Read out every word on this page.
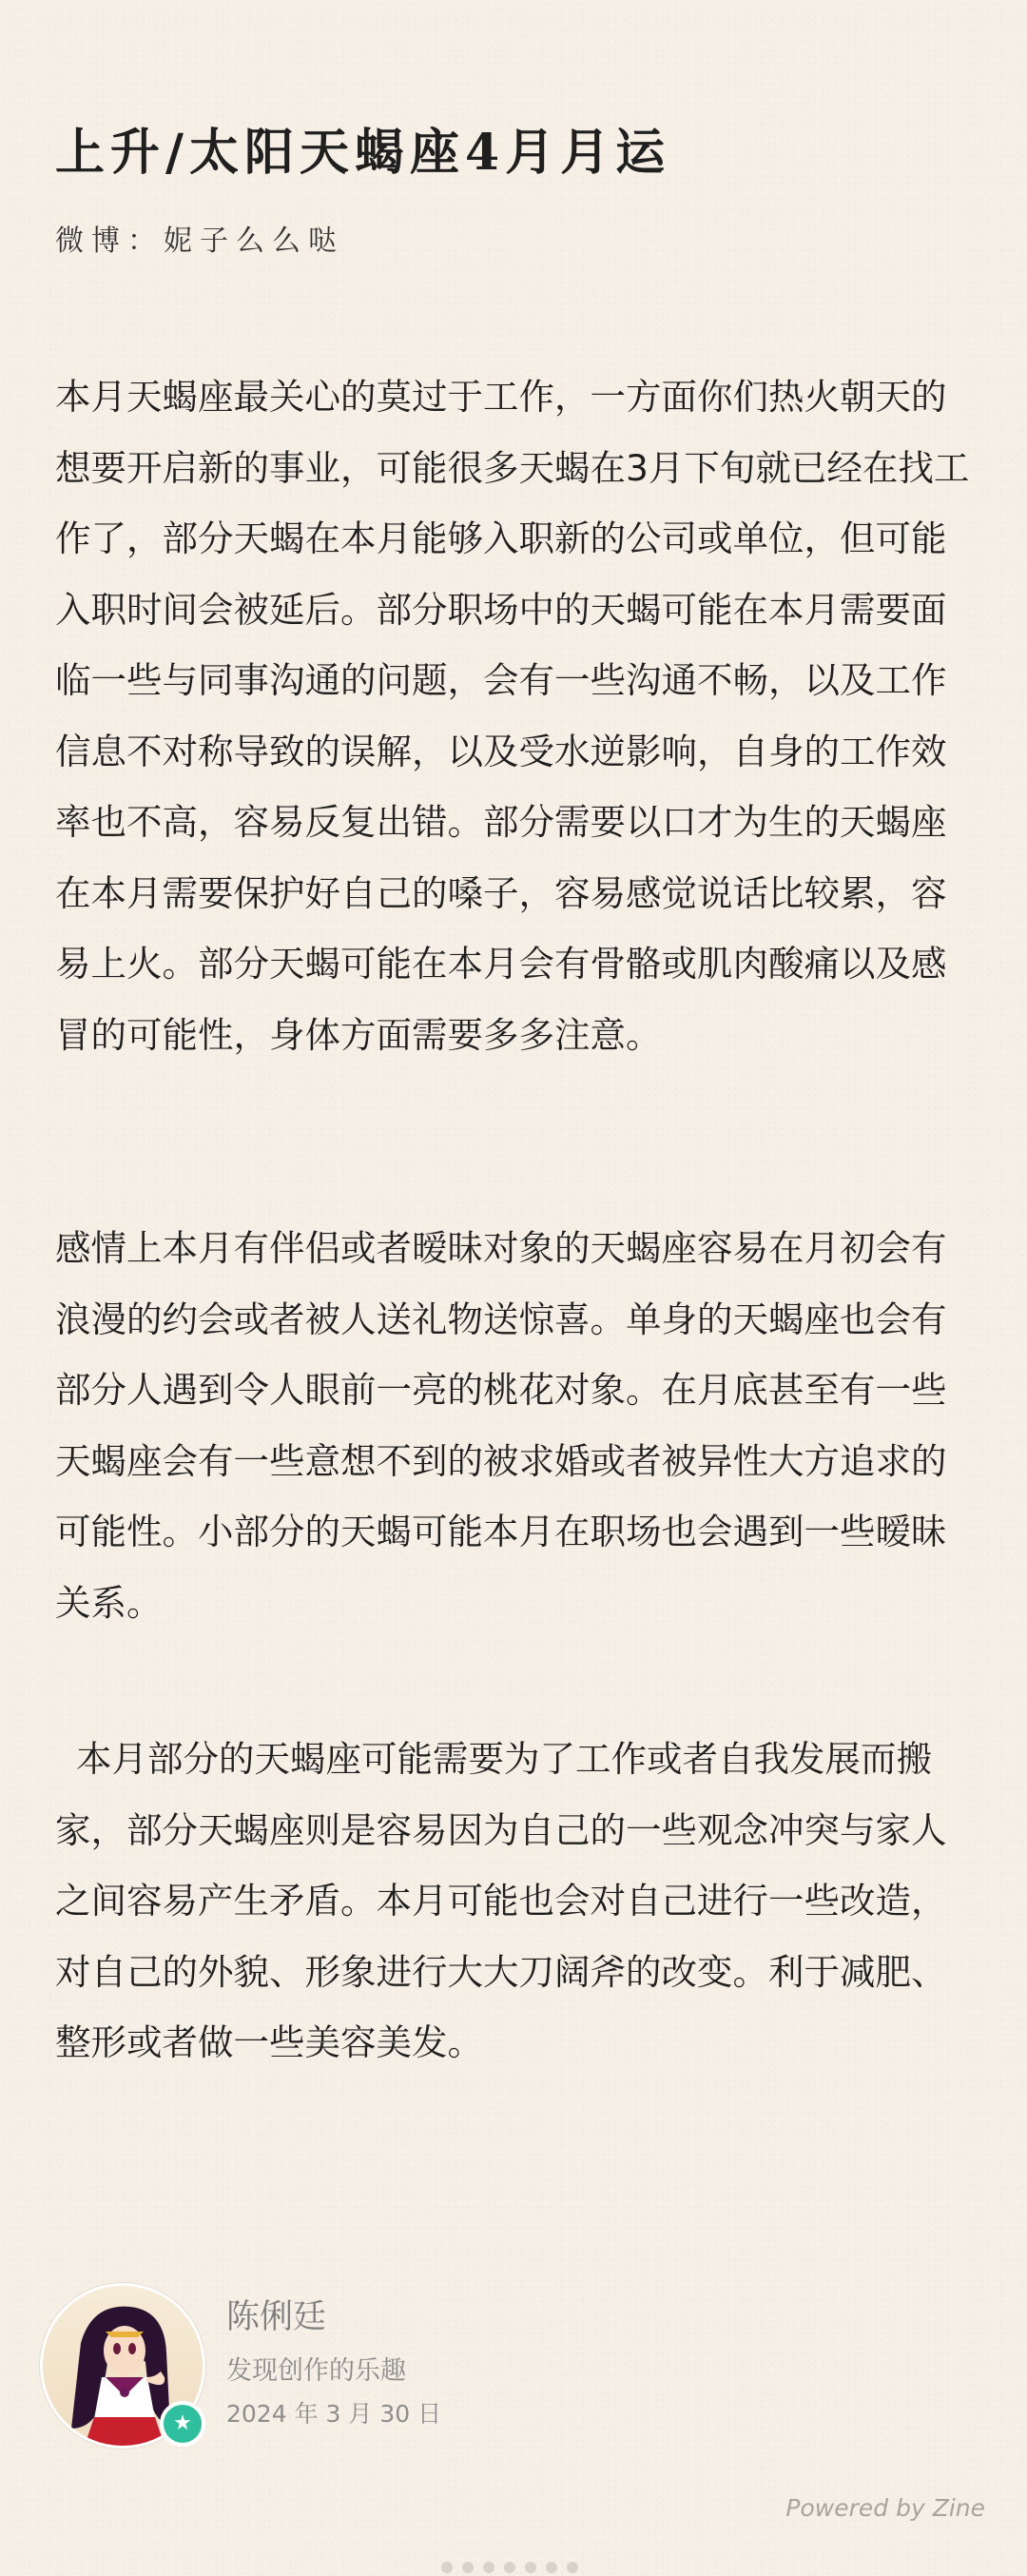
上升/太阳天蝎座4月月运
微博：妮子么么哒

本月天蝎座最关心的莫过于工作，一方面你们热火朝天的想要开启新的事业，可能很多天蝎在3月下旬就已经在找工作了，部分天蝎在本月能够入职新的公司或单位，但可能入职时间会被延后。部分职场中的天蝎可能在本月需要面临一些与同事沟通的问题，会有一些沟通不畅，以及工作信息不对称导致的误解，以及受水逆影响，自身的工作效率也不高，容易反复出错。部分需要以口才为生的天蝎座在本月需要保护好自己的嗓子，容易感觉说话比较累，容易上火。部分天蝎可能在本月会有骨骼或肌肉酸痛以及感冒的可能性，身体方面需要多多注意。

感情上本月有伴侣或者暧昧对象的天蝎座容易在月初会有浪漫的约会或者被人送礼物送惊喜。单身的天蝎座也会有部分人遇到令人眼前一亮的桃花对象。在月底甚至有一些天蝎座会有一些意想不到的被求婚或者被异性大方追求的可能性。小部分的天蝎可能本月在职场也会遇到一些暧昧关系。

本月部分的天蝎座可能需要为了工作或者自我发展而搬家，部分天蝎座则是容易因为自己的一些观念冲突与家人之间容易产生矛盾。本月可能也会对自己进行一些改造，对自己的外貌、形象进行大大刀阔斧的改变。利于减肥、整形或者做一些美容美发。

★
陈俐廷
发现创作的乐趣
2024 年 3 月 30 日
Powered by Zine
